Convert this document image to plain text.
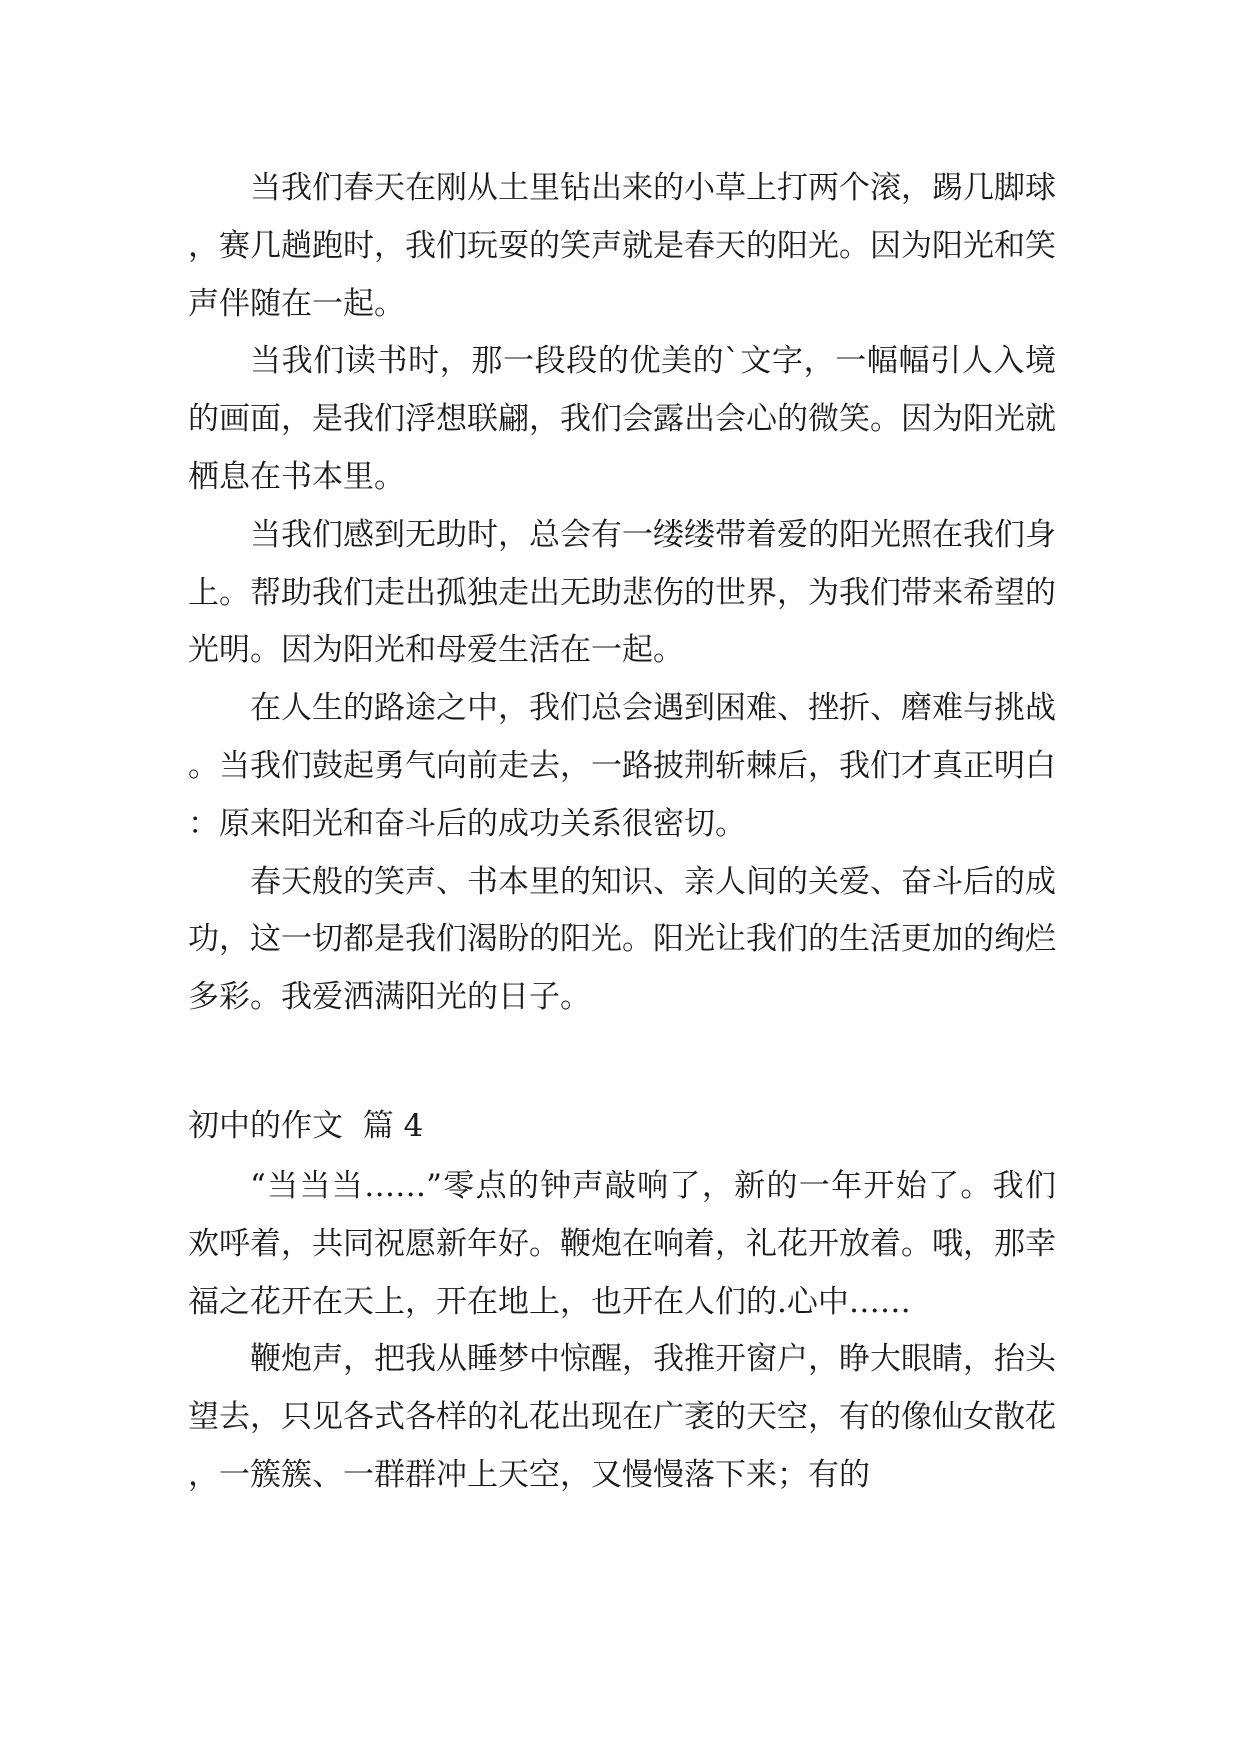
当我们春天在刚从土里钻出来的小草上打两个滚，踢几脚球，赛几趟跑时，我们玩耍的笑声就是春天的阳光。因为阳光和笑声伴随在一起。

当我们读书时，那一段段的优美的`文字，一幅幅引人入境的画面，是我们浮想联翩，我们会露出会心的微笑。因为阳光就栖息在书本里。

当我们感到无助时，总会有一缕缕带着爱的阳光照在我们身上。帮助我们走出孤独走出无助悲伤的世界，为我们带来希望的光明。因为阳光和母爱生活在一起。

在人生的路途之中，我们总会遇到困难、挫折、磨难与挑战。当我们鼓起勇气向前走去，一路披荆斩棘后，我们才真正明白：原来阳光和奋斗后的成功关系很密切。

春天般的笑声、书本里的知识、亲人间的关爱、奋斗后的成功，这一切都是我们渴盼的阳光。阳光让我们的生活更加的绚烂多彩。我爱洒满阳光的日子。

初中的作文  篇 4

“当当当……”零点的钟声敲响了，新的一年开始了。我们欢呼着，共同祝愿新年好。鞭炮在响着，礼花开放着。哦，那幸福之花开在天上，开在地上，也开在人们的.心中……

鞭炮声，把我从睡梦中惊醒，我推开窗户，睁大眼睛，抬头望去，只见各式各样的礼花出现在广袤的天空，有的像仙女散花，一簇簇、一群群冲上天空，又慢慢落下来；有的
